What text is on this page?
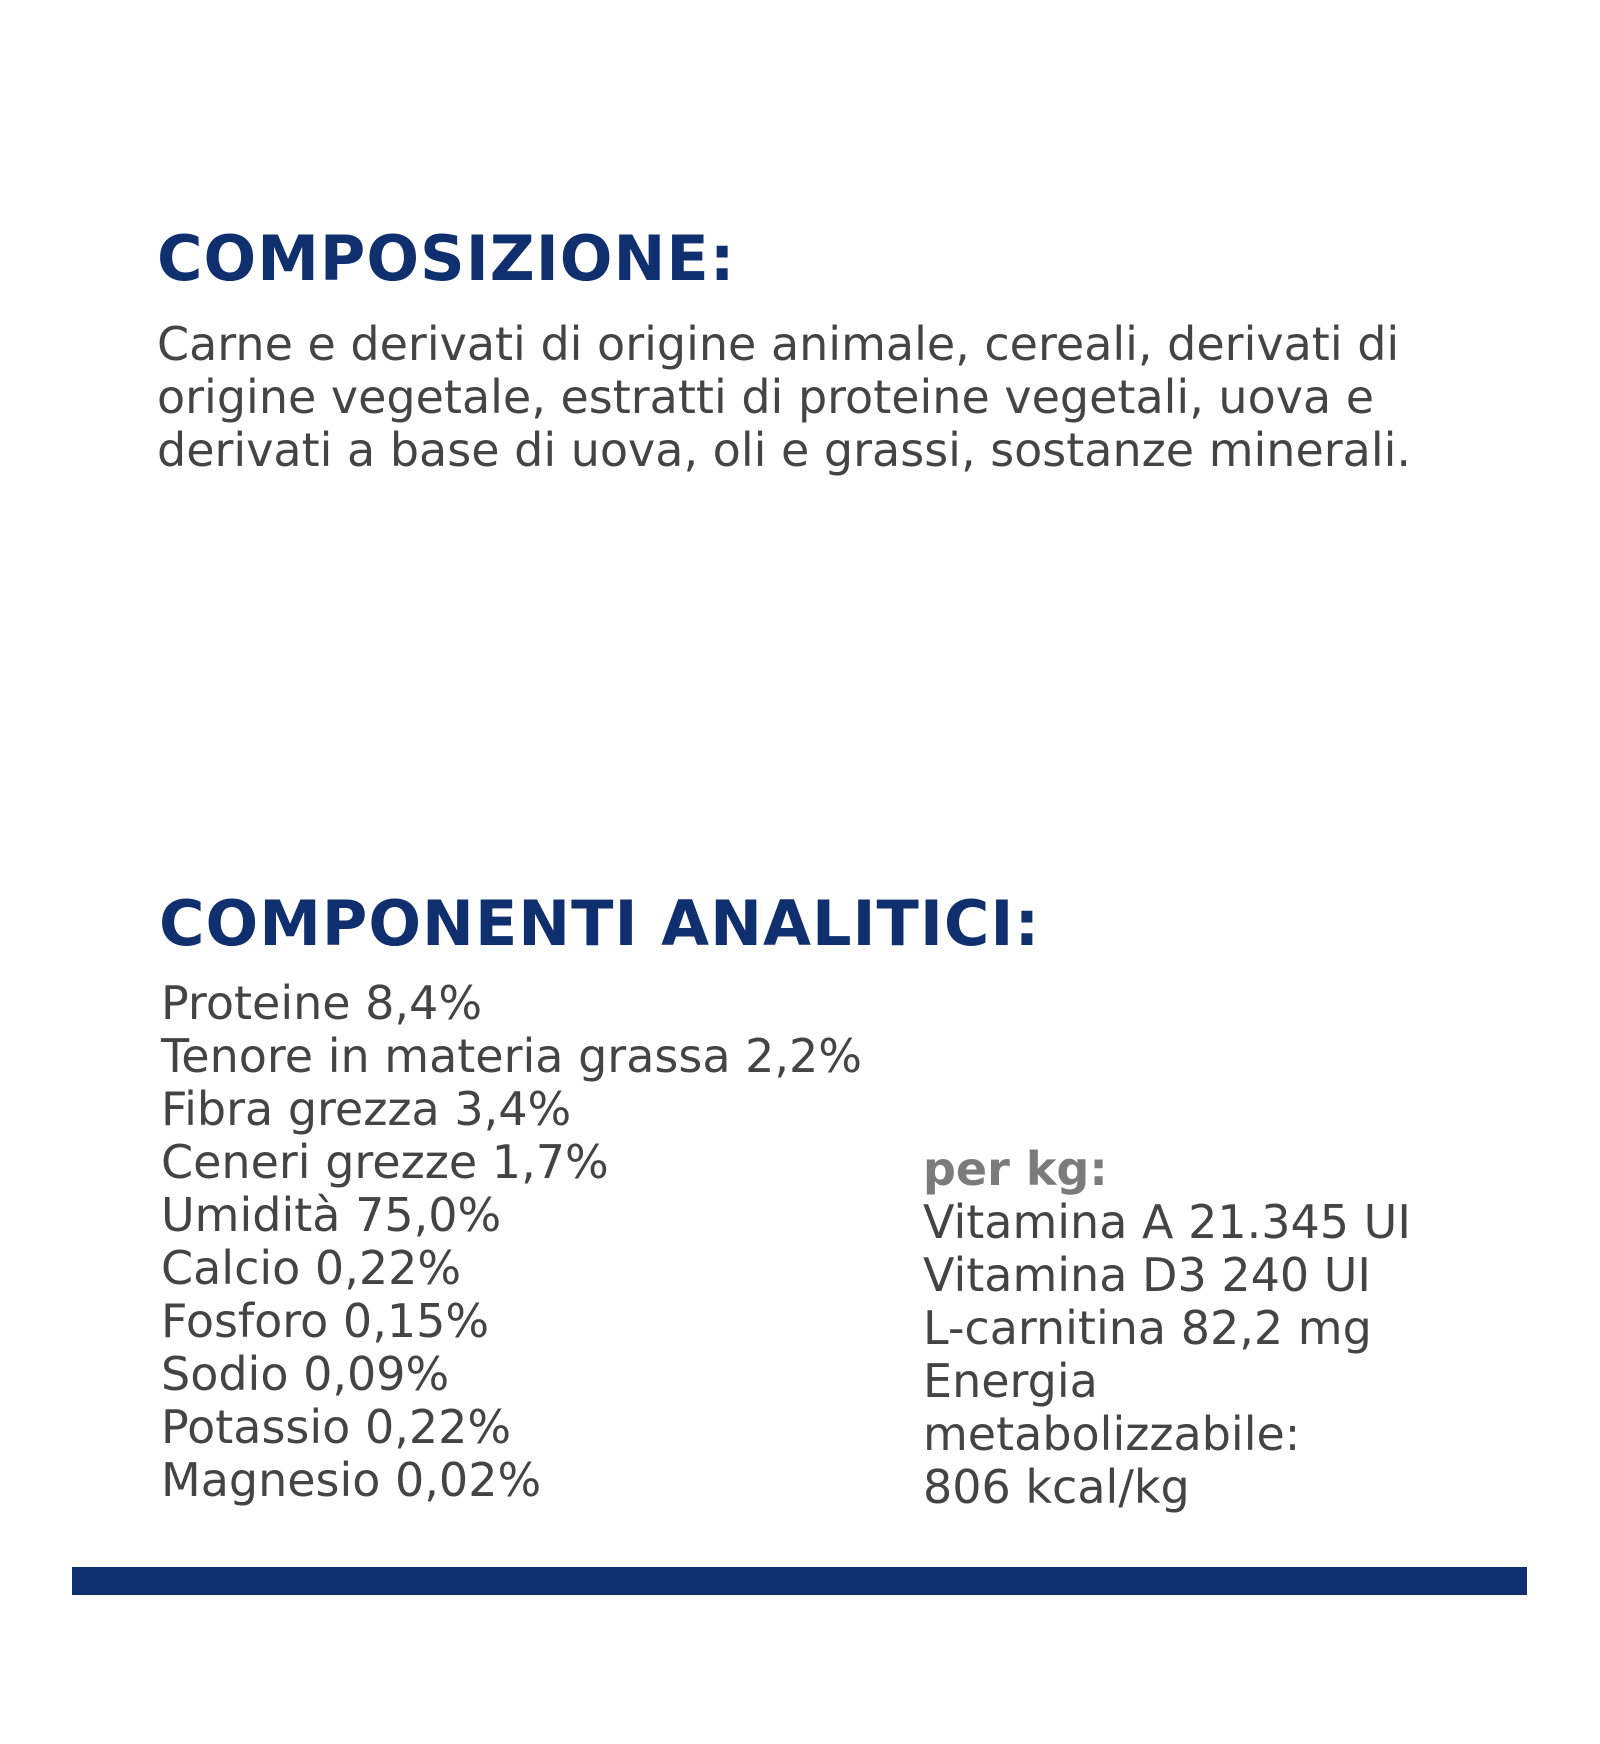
COMPOSIZIONE:

Carne e derivati di origine animale, cereali, derivati di origine vegetale, estratti di proteine vegetali, uova e derivati a base di uova, oli e grassi, sostanze minerali.

COMPONENTI ANALITICI:
Proteine 8,4%
Tenore in materia grassa 2,2%
Fibra grezza 3,4%
Ceneri grezze 1,7%
Umidità 75,0%
Calcio 0,22%
Fosforo 0,15%
Sodio 0,09%
Potassio 0,22%
Magnesio 0,02%
per kg:
Vitamina A 21.345 UI
Vitamina D3 240 UI
L-carnitina 82,2 mg
Energia
metabolizzabile:
806 kcal/kg
